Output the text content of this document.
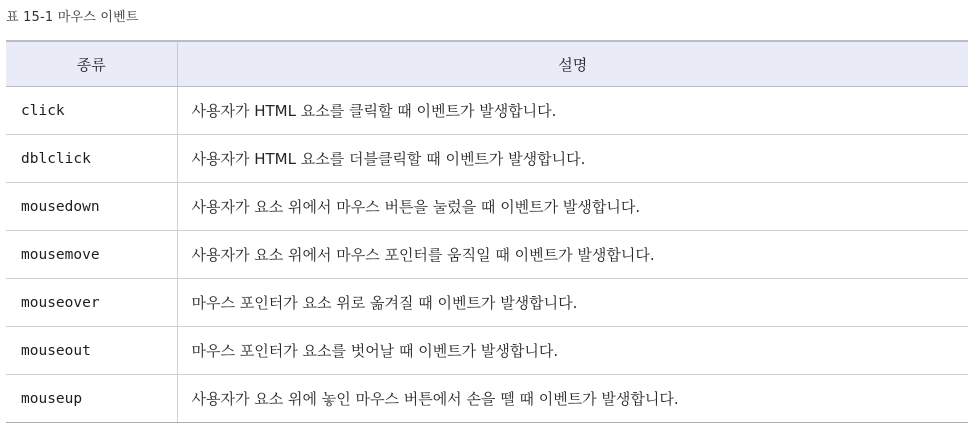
표 15-1 마우스 이벤트
종류	설명
click	사용자가 HTML 요소를 클릭할 때 이벤트가 발생합니다.
dblclick	사용자가 HTML 요소를 더블클릭할 때 이벤트가 발생합니다.
mousedown	사용자가 요소 위에서 마우스 버튼을 눌렀을 때 이벤트가 발생합니다.
mousemove	사용자가 요소 위에서 마우스 포인터를 움직일 때 이벤트가 발생합니다.
mouseover	마우스 포인터가 요소 위로 옮겨질 때 이벤트가 발생합니다.
mouseout	마우스 포인터가 요소를 벗어날 때 이벤트가 발생합니다.
mouseup	사용자가 요소 위에 놓인 마우스 버튼에서 손을 뗄 때 이벤트가 발생합니다.
